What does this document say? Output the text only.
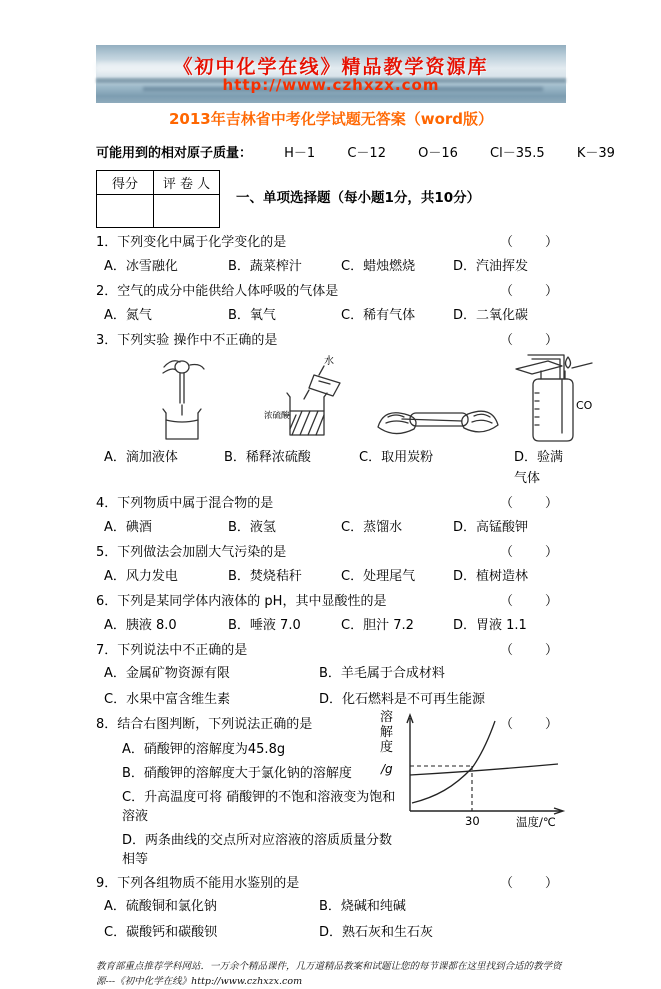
《初中化学在线》精品教学资源库
http://www.czhxzx.com
2013年吉林省中考化学试题无答案（word版）
可能用到的相对原子质量： H－1 C－12 O－16 Cl－35.5 K－39
得分	评 卷 人

一、单项选择题（每小题1分，共10分）
1．下列变化中属于化学变化的是	（　　）
A．冰雪融化	B．蔬菜榨汁	C．蜡烛燃烧	D．汽油挥发
2．空气的成分中能供给人体呼吸的气体是	（　　）
A．氮气	B．氧气	C．稀有气体	D．二氧化碳
3．下列实验 操作中不正确的是	（　　）
水
浓硫酸
CO
A．滴加液体	B．稀释浓硫酸	C．取用炭粉	D．验满气体
4．下列物质中属于混合物的是	（　　）
A．碘酒	B．液氢	C．蒸馏水	D．高锰酸钾
5．下列做法会加剧大气污染的是	（　　）
A．风力发电	B．焚烧秸秆	C．处理尾气	D．植树造林
6．下列是某同学体内液体的 pH，其中显酸性的是	（　　）
A．胰液 8.0	B．唾液 7.0	C．胆汁 7.2	D．胃液 1.1
7．下列说法中不正确的是	（　　）
A．金属矿物资源有限	B．羊毛属于合成材料
C．水果中富含维生素	D．化石燃料是不可再生能源
8．结合右图判断，下列说法正确的是	（　　）
A．硝酸钾的溶解度为45.8g
B．硝酸钾的溶解度大于氯化钠的溶解度
C．升高温度可将 硝酸钾的不饱和溶液变为饱和溶液
D．两条曲线的交点所对应溶液的溶质质量分数相等
溶解度
/g
30	温度/℃
9．下列各组物质不能用水鉴别的是	（　　）
A．硫酸铜和氯化钠	B．烧碱和纯碱
C．碳酸钙和碳酸钡	D．熟石灰和生石灰
教育部重点推荐学科网站．一万余个精品课件，几万道精品教案和试题让您的每节课都在这里找到合适的教学资源---《初中化学在线》http://www.czhxzx.com
